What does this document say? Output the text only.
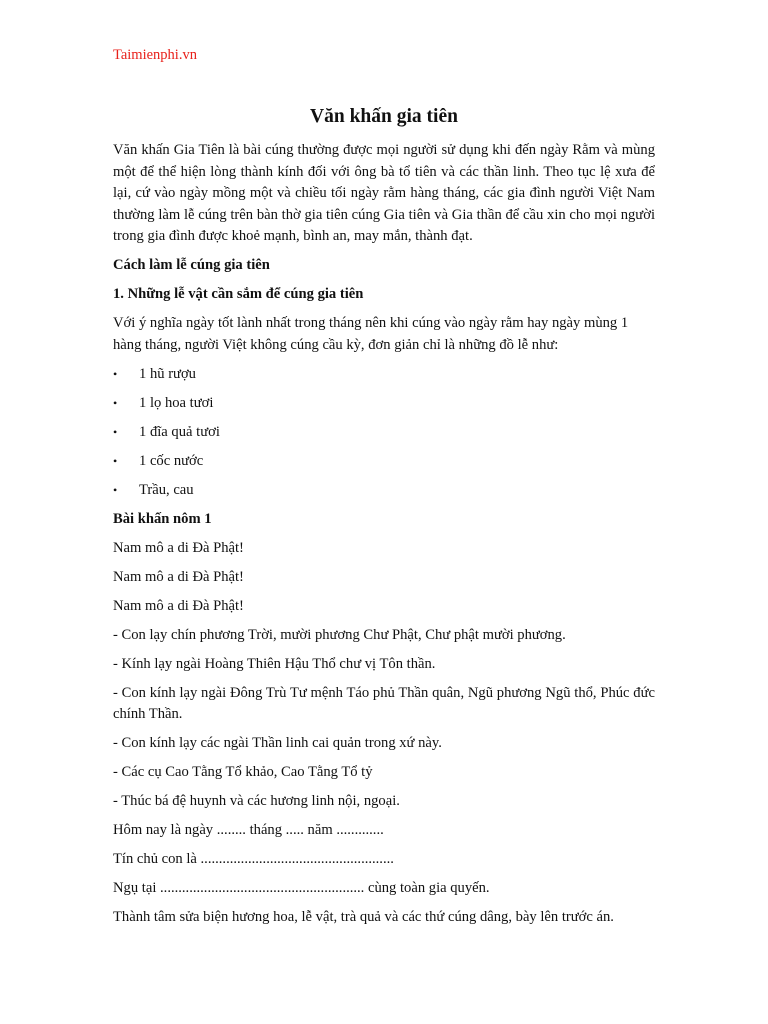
Taimienphi.vn
Văn khấn gia tiên

Văn khấn Gia Tiên là bài cúng thường được mọi người sử dụng khi đến ngày Rằm và mùng một để thể hiện lòng thành kính đối với ông bà tổ tiên và các thần linh. Theo tục lệ xưa để lại, cứ vào ngày mồng một và chiều tối ngày rằm hàng tháng, các gia đình người Việt Nam thường làm lễ cúng trên bàn thờ gia tiên cúng Gia tiên và Gia thần để cầu xin cho mọi người trong gia đình được khoẻ mạnh, bình an, may mắn, thành đạt.

Cách làm lễ cúng gia tiên

1. Những lễ vật cần sắm để cúng gia tiên

Với ý nghĩa ngày tốt lành nhất trong tháng nên khi cúng vào ngày rằm hay ngày mùng 1 hàng tháng, người Việt không cúng cầu kỳ, đơn giản chỉ là những đồ lễ như:

• 1 hũ rượu
• 1 lọ hoa tươi
• 1 đĩa quả tươi
• 1 cốc nước
• Trầu, cau

Bài khấn nôm 1

Nam mô a di Đà Phật!

Nam mô a di Đà Phật!

Nam mô a di Đà Phật!

- Con lạy chín phương Trời, mười phương Chư Phật, Chư phật mười phương.

- Kính lạy ngài Hoàng Thiên Hậu Thổ chư vị Tôn thần.

- Con kính lạy ngài Đông Trù Tư mệnh Táo phủ Thần quân, Ngũ phương Ngũ thổ, Phúc đức chính Thần.

- Con kính lạy các ngài Thần linh cai quản trong xứ này.

- Các cụ Cao Tằng Tổ khảo, Cao Tằng Tổ tỷ

- Thúc bá đệ huynh và các hương linh nội, ngoại.

Hôm nay là ngày ........ tháng ..... năm .............

Tín chủ con là .....................................................

Ngụ tại ........................................................ cùng toàn gia quyến.

Thành tâm sửa biện hương hoa, lễ vật, trà quả và các thứ cúng dâng, bày lên trước án.
